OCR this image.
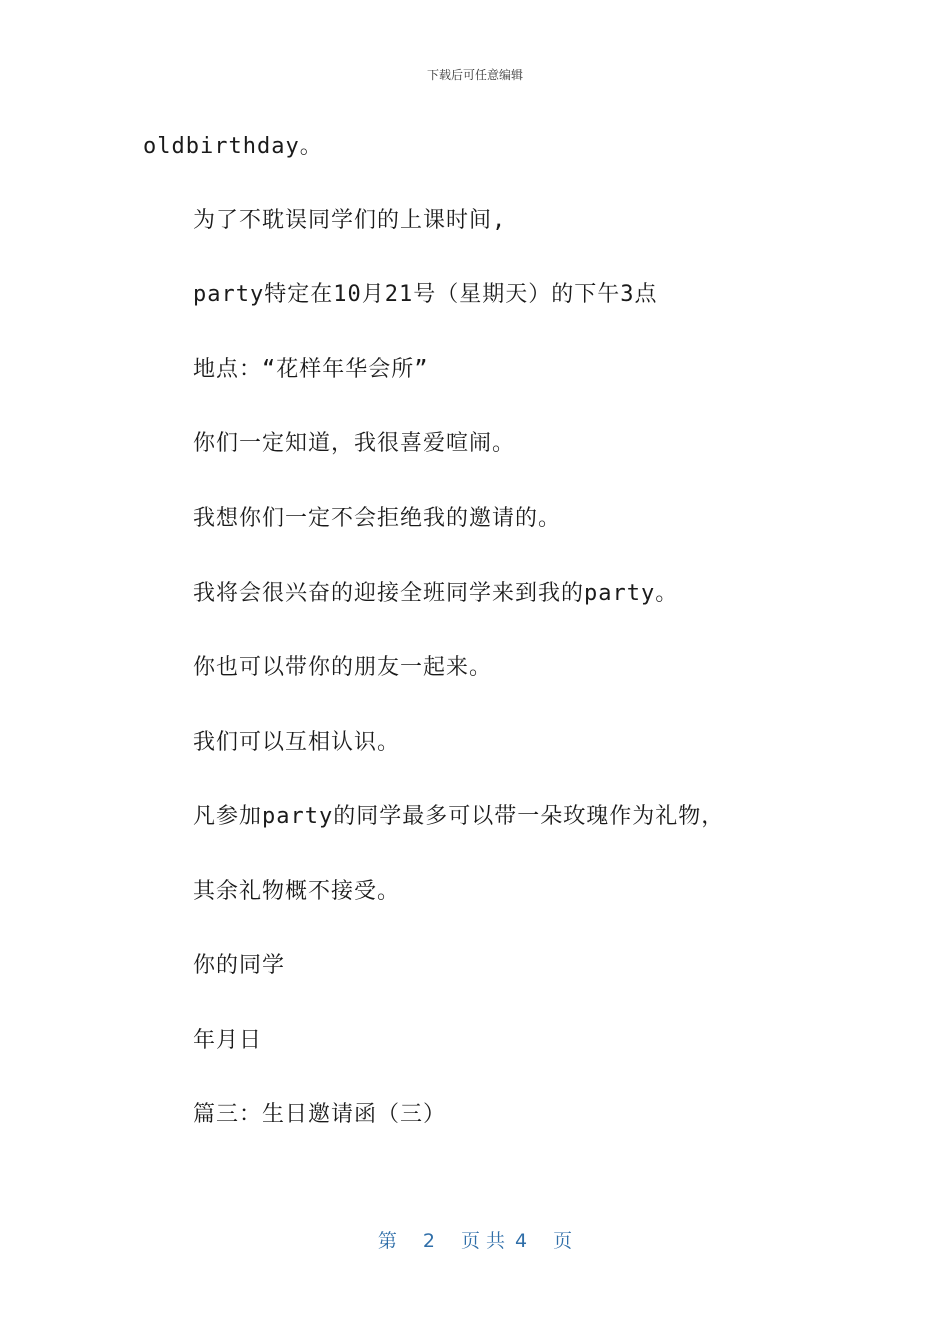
下载后可任意编辑
oldbirthday。
为了不耽误同学们的上课时间,
party特定在10月21号（星期天）的下午3点
地点：“花样年华会所”
你们一定知道，我很喜爱喧闹。
我想你们一定不会拒绝我的邀请的。
我将会很兴奋的迎接全班同学来到我的party。
你也可以带你的朋友一起来。
我们可以互相认识。
凡参加party的同学最多可以带一朵玫瑰作为礼物，
其余礼物概不接受。
你的同学
年月日
篇三：生日邀请函（三）
第 2 页 共 4 页
